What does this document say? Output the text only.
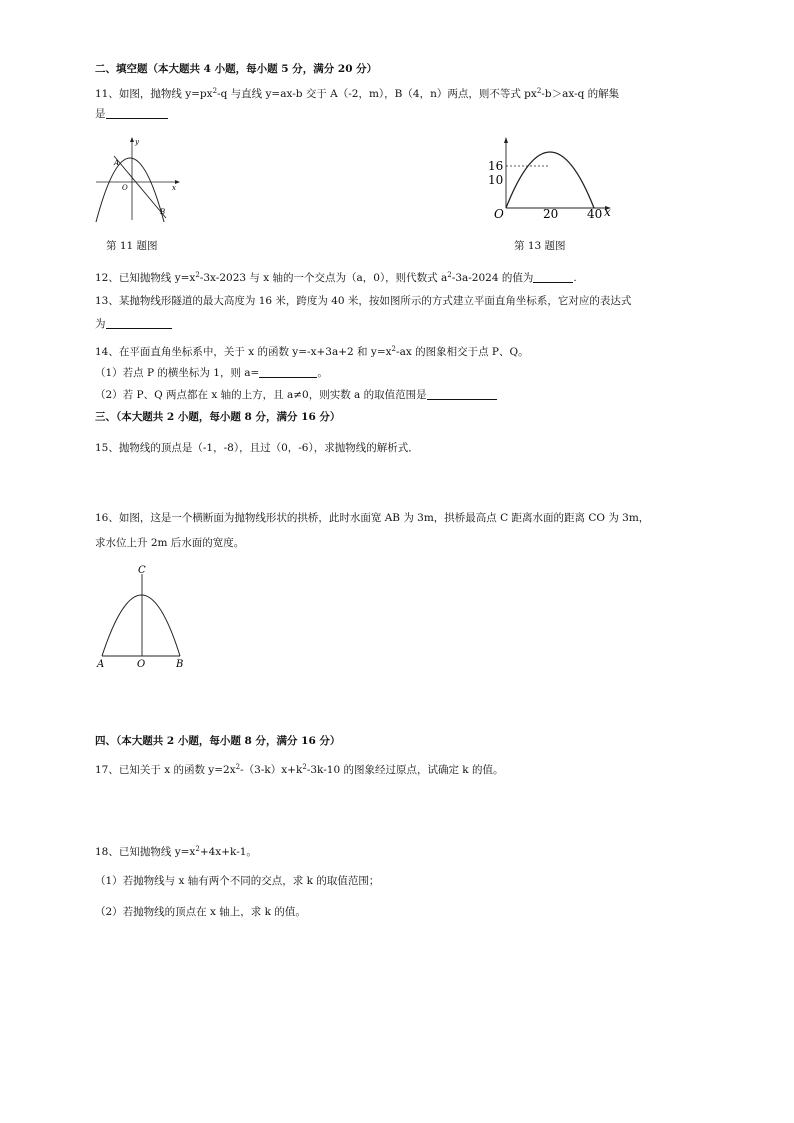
二、填空题（本大题共 4 小题，每小题 5 分，满分 20 分）
11、如图，抛物线 $y=px^2-q$ 与直线 y=ax-b 交于 A（-2，m），B（4，n）两点，则不等式 $px^2-b>ax-q$ 的解集
是
y
x
A
O
B
第 11 题图
16
10
O	20 40 x
第 13 题图
12、已知抛物线 $y=x^2-3x-2023$ 与 x 轴的一个交点为（a，0），则代数式 $a^2-3a-2024$ 的值为	.
13、某抛物线形隧道的最大高度为 16 米，跨度为 40 米，按如图所示的方式建立平面直角坐标系，它对应的表达式
为
14、在平面直角坐标系中，关于 x 的函数 y=-x+3a+2 和 $y=x^2-ax$ 的图象相交于点 P、Q。
（1）若点 P 的横坐标为 1，则 a=	。
（2）若 P、Q 两点都在 x 轴的上方，且 a≠0，则实数 a 的取值范围是
三、（本大题共 2 小题，每小题 8 分，满分 16 分）
15、抛物线的顶点是（-1，-8），且过（0，-6），求抛物线的解析式．
16、如图，这是一个横断面为抛物线形状的拱桥，此时水面宽 AB 为 3m，拱桥最高点 C 距离水面的距离 CO 为 3m，
求水位上升 2m 后水面的宽度。
C
A	O	B
四、（本大题共 2 小题，每小题 8 分，满分 16 分）
17、已知关于 x 的函数 $y=2x^2-(3-k)x+k^2-3k-10$ 的图象经过原点，试确定 k 的值。
18、已知抛物线 $y=x^2+4x+k-1$。
（1）若抛物线与 x 轴有两个不同的交点，求 k 的取值范围；
（2）若抛物线的顶点在 x 轴上，求 k 的值。
